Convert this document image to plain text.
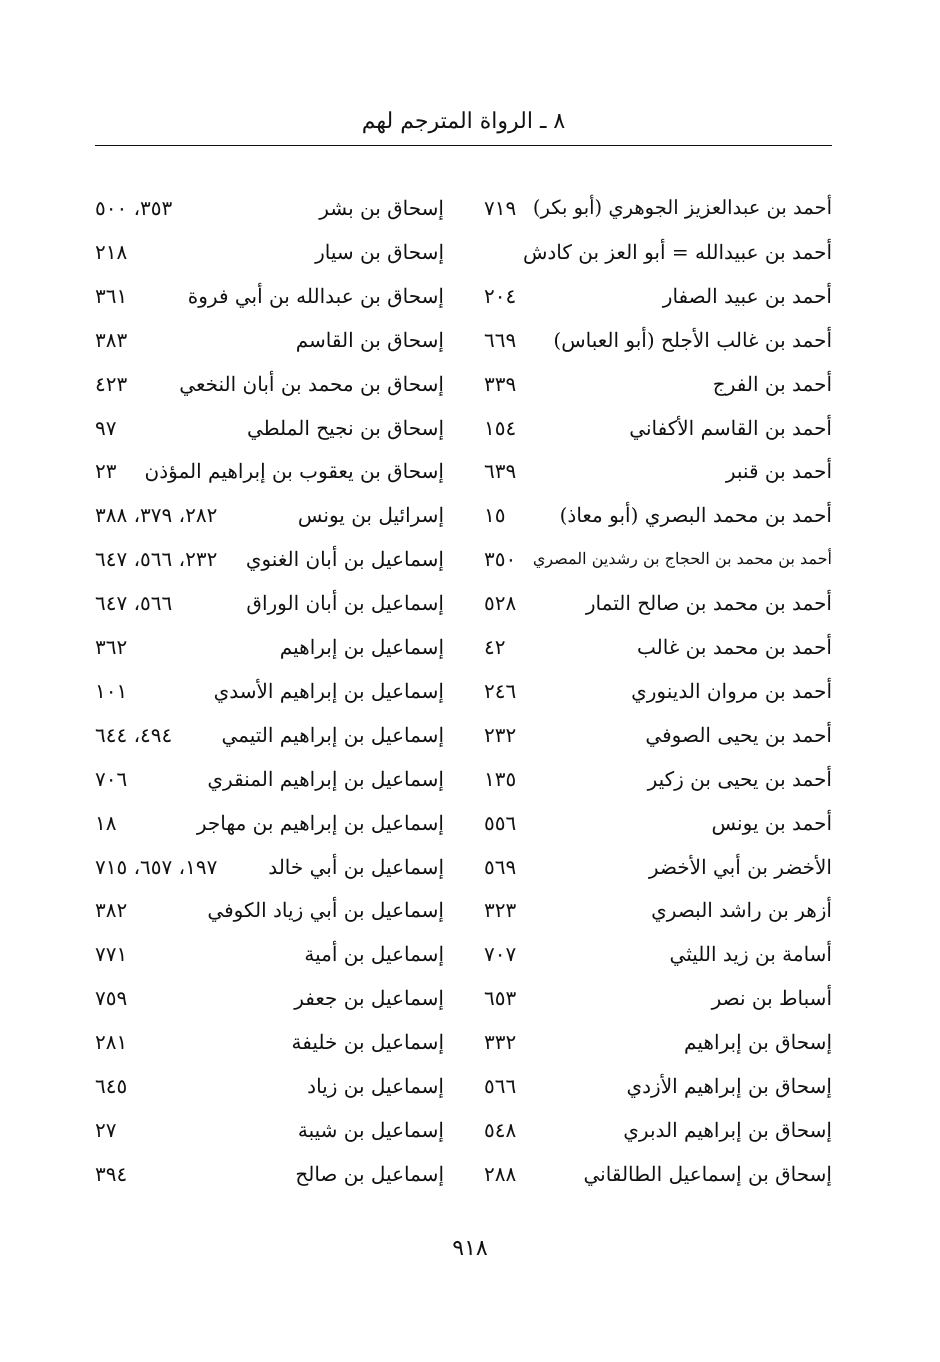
٨ ـ الرواة المترجم لهم
أحمد بن عبدالعزيز الجوهري (أبو بكر)
٧١٩
أحمد بن عبيدالله = أبو العز بن كادش
أحمد بن عبيد الصفار
٢٠٤
أحمد بن غالب الأجلح (أبو العباس)
٦٦٩
أحمد بن الفرج
٣٣٩
أحمد بن القاسم الأكفاني
١٥٤
أحمد بن قنبر
٦٣٩
أحمد بن محمد البصري (أبو معاذ)
١٥
أحمد بن محمد بن الحجاج بن رشدين المصري
٣٥٠
أحمد بن محمد بن صالح التمار
٥٢٨
أحمد بن محمد بن غالب
٤٢
أحمد بن مروان الدينوري
٢٤٦
أحمد بن يحيى الصوفي
٢٣٢
أحمد بن يحيى بن زكير
١٣٥
أحمد بن يونس
٥٥٦
الأخضر بن أبي الأخضر
٥٦٩
أزهر بن راشد البصري
٣٢٣
أسامة بن زيد الليثي
٧٠٧
أسباط بن نصر
٦٥٣
إسحاق بن إبراهيم
٣٣٢
إسحاق بن إبراهيم الأزدي
٥٦٦
إسحاق بن إبراهيم الدبري
٥٤٨
إسحاق بن إسماعيل الطالقاني
٢٨٨
إسحاق بن بشر
٣٥٣، ٥٠٠
إسحاق بن سيار
٢١٨
إسحاق بن عبدالله بن أبي فروة
٣٦١
إسحاق بن القاسم
٣٨٣
إسحاق بن محمد بن أبان النخعي
٤٢٣
إسحاق بن نجيح الملطي
٩٧
إسحاق بن يعقوب بن إبراهيم المؤذن
٢٣
إسرائيل بن يونس
٢٨٢، ٣٧٩، ٣٨٨
إسماعيل بن أبان الغنوي
٢٣٢، ٥٦٦، ٦٤٧
إسماعيل بن أبان الوراق
٥٦٦، ٦٤٧
إسماعيل بن إبراهيم
٣٦٢
إسماعيل بن إبراهيم الأسدي
١٠١
إسماعيل بن إبراهيم التيمي
٤٩٤، ٦٤٤
إسماعيل بن إبراهيم المنقري
٧٠٦
إسماعيل بن إبراهيم بن مهاجر
١٨
إسماعيل بن أبي خالد
١٩٧، ٦٥٧، ٧١٥
إسماعيل بن أبي زياد الكوفي
٣٨٢
إسماعيل بن أمية
٧٧١
إسماعيل بن جعفر
٧٥٩
إسماعيل بن خليفة
٢٨١
إسماعيل بن زياد
٦٤٥
إسماعيل بن شيبة
٢٧
إسماعيل بن صالح
٣٩٤
٩١٨
